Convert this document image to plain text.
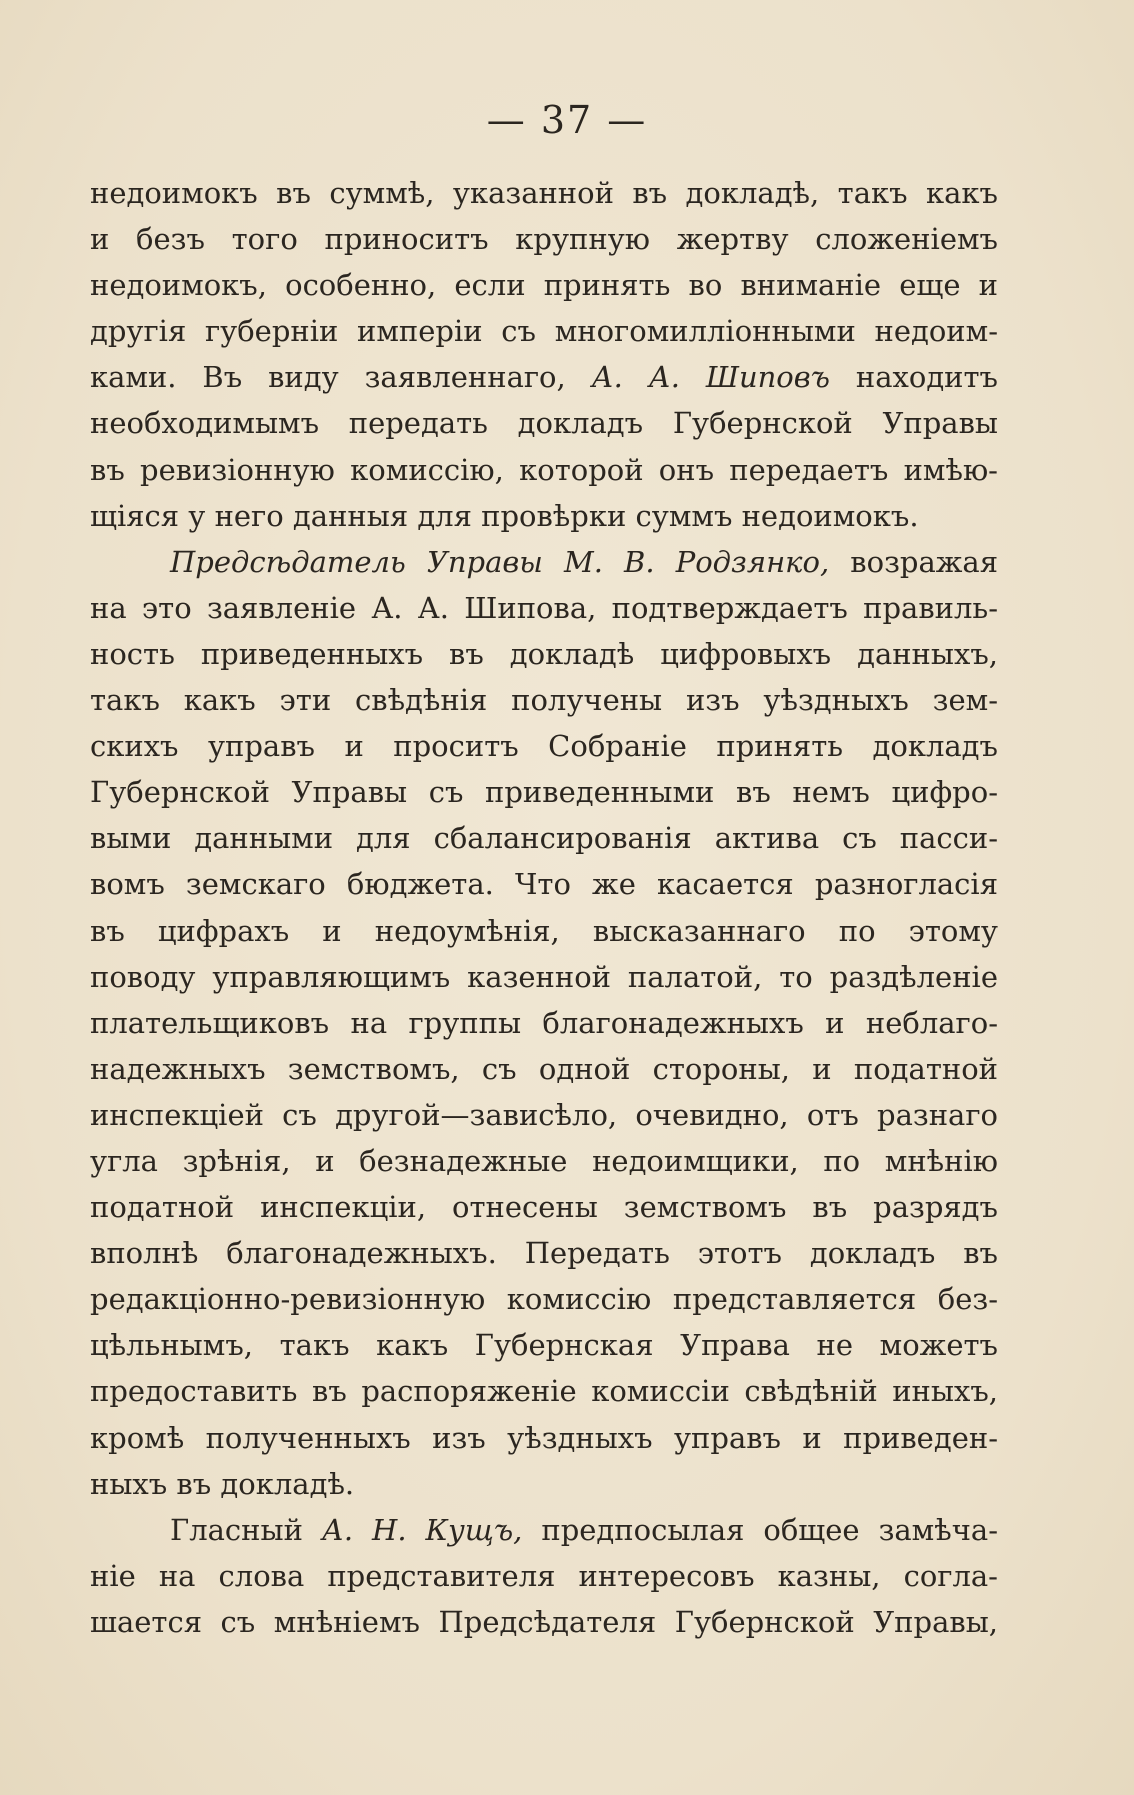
— 37 —
недоимокъ въ суммѣ, указанной въ докладѣ, такъ какъ
и безъ того приноситъ крупную жертву сложеніемъ
недоимокъ, особенно, если принять во вниманіе еще и
другія губерніи имперіи съ многомилліонными недоим-
ками. Въ виду заявленнаго, А. А. Шиповъ находитъ
необходимымъ передать докладъ Губернской Управы
въ ревизіонную комиссію, которой онъ передаетъ имѣю-
щіяся у него данныя для провѣрки суммъ недоимокъ.
Предсѣдатель Управы М. В. Родзянко, возражая
на это заявленіе А. А. Шипова, подтверждаетъ правиль-
ность приведенныхъ въ докладѣ цифровыхъ данныхъ,
такъ какъ эти свѣдѣнія получены изъ уѣздныхъ зем-
скихъ управъ и проситъ Собраніе принять докладъ
Губернской Управы съ приведенными въ немъ цифро-
выми данными для сбалансированія актива съ пасси-
вомъ земскаго бюджета. Что же касается разногласія
въ цифрахъ и недоумѣнія, высказаннаго по этому
поводу управляющимъ казенной палатой, то раздѣленіе
плательщиковъ на группы благонадежныхъ и неблаго-
надежныхъ земствомъ, съ одной стороны, и податной
инспекціей съ другой—зависѣло, очевидно, отъ разнаго
угла зрѣнія, и безнадежные недоимщики, по мнѣнію
податной инспекціи, отнесены земствомъ въ разрядъ
вполнѣ благонадежныхъ. Передать этотъ докладъ въ
редакціонно-ревизіонную комиссію представляется без-
цѣльнымъ, такъ какъ Губернская Управа не можетъ
предоставить въ распоряженіе комиссіи свѣдѣній иныхъ,
кромѣ полученныхъ изъ уѣздныхъ управъ и приведен-
ныхъ въ докладѣ.
Гласный А. Н. Кущъ, предпосылая общее замѣча-
ніе на слова представителя интересовъ казны, согла-
шается съ мнѣніемъ Предсѣдателя Губернской Управы,
